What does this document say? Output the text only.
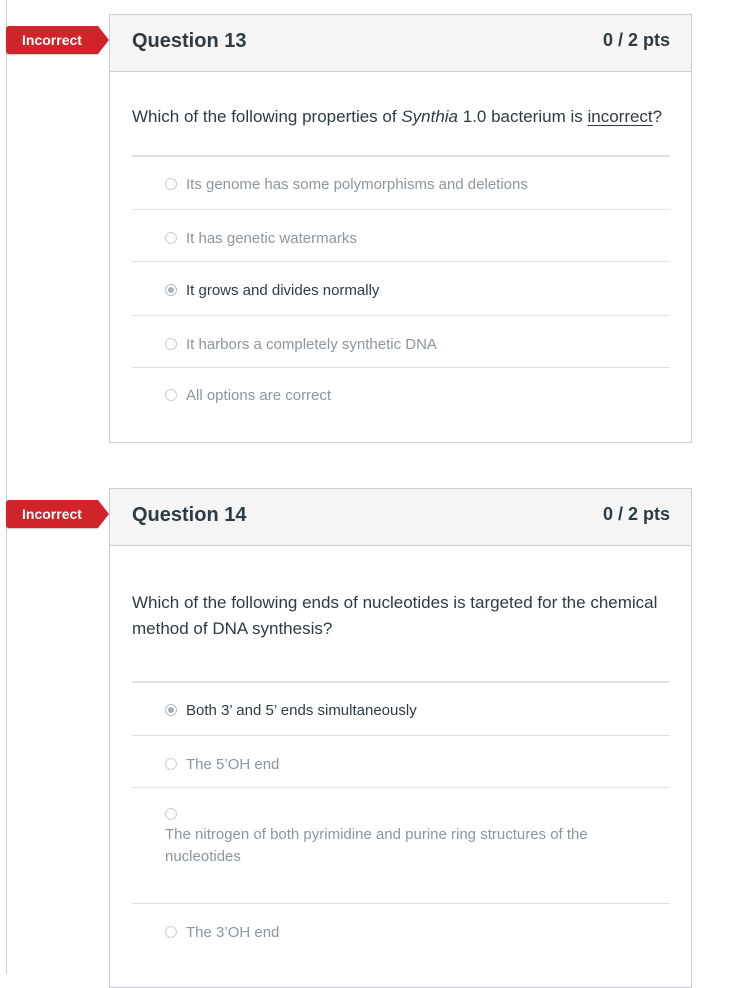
Incorrect	Question 13	0 / 2 pts
Which of the following properties of Synthia 1.0 bacterium is incorrect?
Its genome has some polymorphisms and deletions
It has genetic watermarks
It grows and divides normally
It harbors a completely synthetic DNA
All options are correct
Incorrect	Question 14	0 / 2 pts
Which of the following ends of nucleotides is targeted for the chemical method of DNA synthesis?
Both 3’ and 5’ ends simultaneously
The 5’OH end
The nitrogen of both pyrimidine and purine ring structures of the nucleotides
The 3’OH end
